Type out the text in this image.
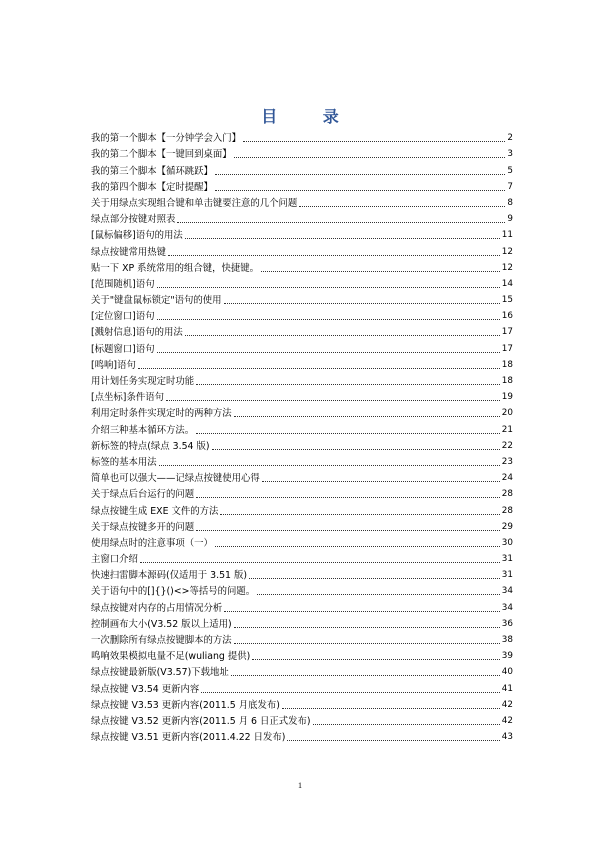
目 录
我的第一个脚本【一分钟学会入门】	2
我的第二个脚本【一键回到桌面】	3
我的第三个脚本【循环跳跃】	5
我的第四个脚本【定时提醒】	7
关于用绿点实现组合键和单击键要注意的几个问题	8
绿点部分按键对照表	9
[鼠标偏移]语句的用法	11
绿点按键常用热键	12
贴一下 XP 系统常用的组合键，快捷键。	12
[范围随机]语句	14
关于"键盘鼠标锁定"语句的使用	15
[定位窗口]语句	16
[溅射信息]语句的用法	17
[标题窗口]语句	17
[鸣响]语句	18
用计划任务实现定时功能	18
[点坐标]条件语句	19
利用定时条件实现定时的两种方法	20
介绍三种基本循环方法。	21
新标签的特点(绿点 3.54 版)	22
标签的基本用法	23
简单也可以强大——记绿点按键使用心得	24
关于绿点后台运行的问题	28
绿点按键生成 EXE 文件的方法	28
关于绿点按键多开的问题	29
使用绿点时的注意事项（一）	30
主窗口介绍	31
快速扫雷脚本源码(仅适用于 3.51 版)	31
关于语句中的[]{}()<>等括号的问题。	34
绿点按键对内存的占用情况分析	34
控制画布大小(V3.52 版以上适用)	36
一次删除所有绿点按键脚本的方法	38
鸣响效果模拟电量不足(wuliang 提供)	39
绿点按键最新版(V3.57)下载地址	40
绿点按键 V3.54 更新内容	41
绿点按键 V3.53 更新内容(2011.5 月底发布)	42
绿点按键 V3.52 更新内容(2011.5 月 6 日正式发布)	42
绿点按键 V3.51 更新内容(2011.4.22 日发布)	43
1
